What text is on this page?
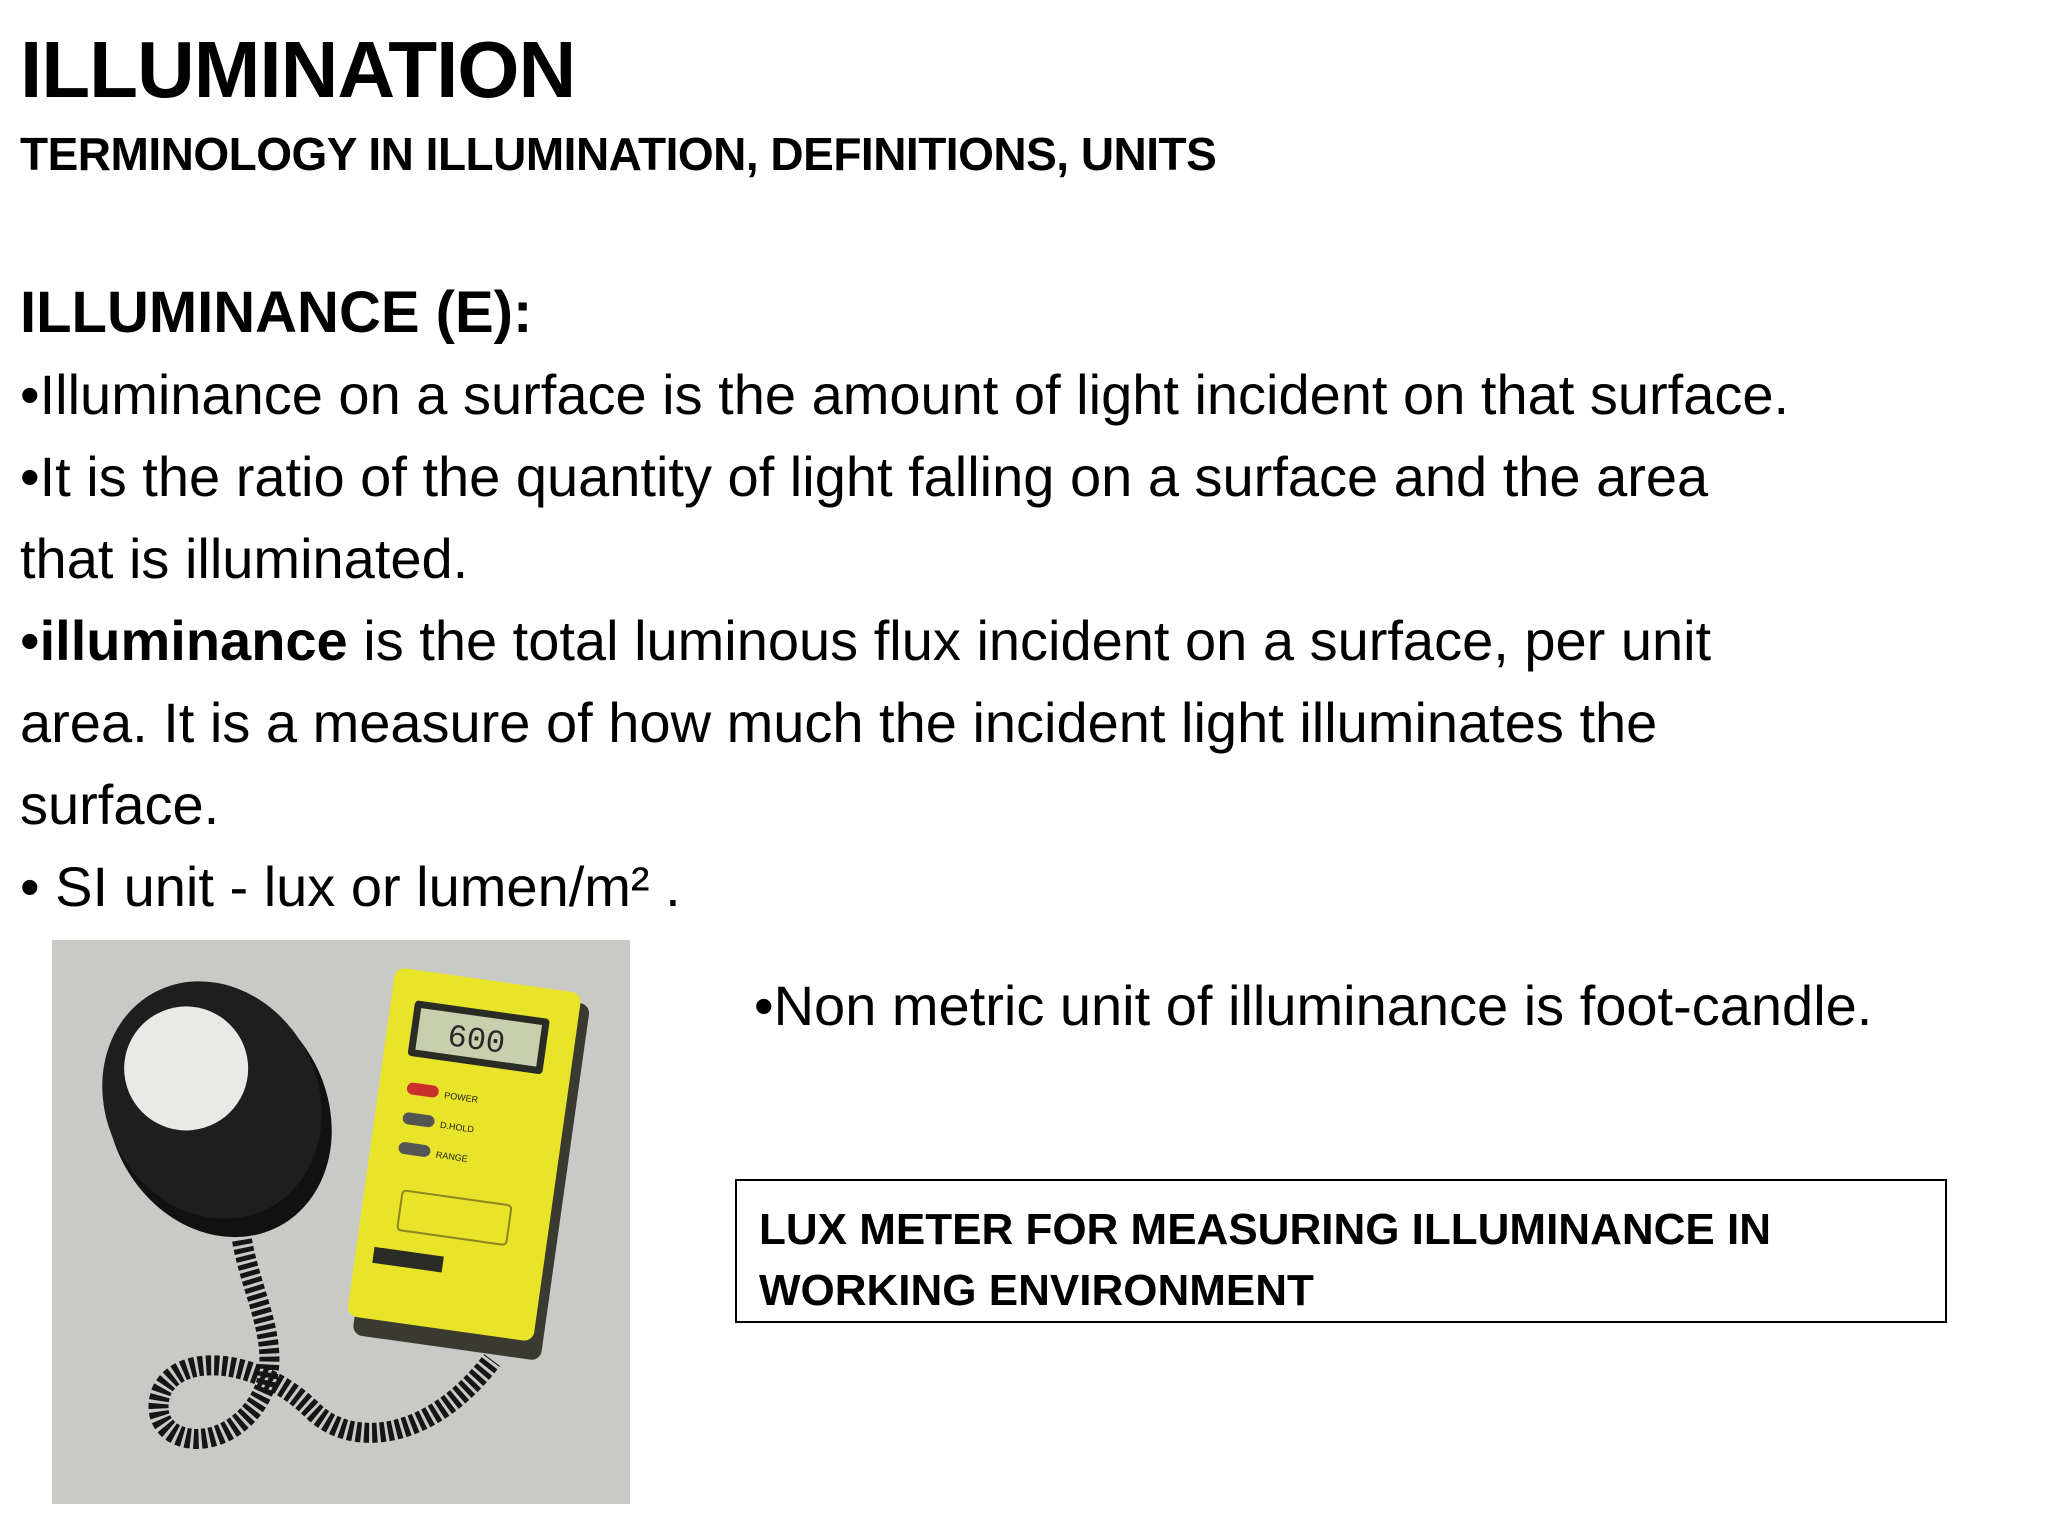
ILLUMINATION
TERMINOLOGY IN ILLUMINATION, DEFINITIONS, UNITS
ILLUMINANCE (E):
•Illuminance on a surface is the amount of light incident on that surface.
•It is the ratio of the quantity of light falling on a surface and the area
that is illuminated.
•illuminance is the total luminous flux incident on a surface, per unit
area. It is a measure of how much the incident light illuminates the
surface.
• SI unit - lux or lumen/m² .
600
POWER
D.HOLD
RANGE
•Non metric unit of illuminance is foot-candle.
LUX METER FOR MEASURING ILLUMINANCE IN
WORKING ENVIRONMENT
